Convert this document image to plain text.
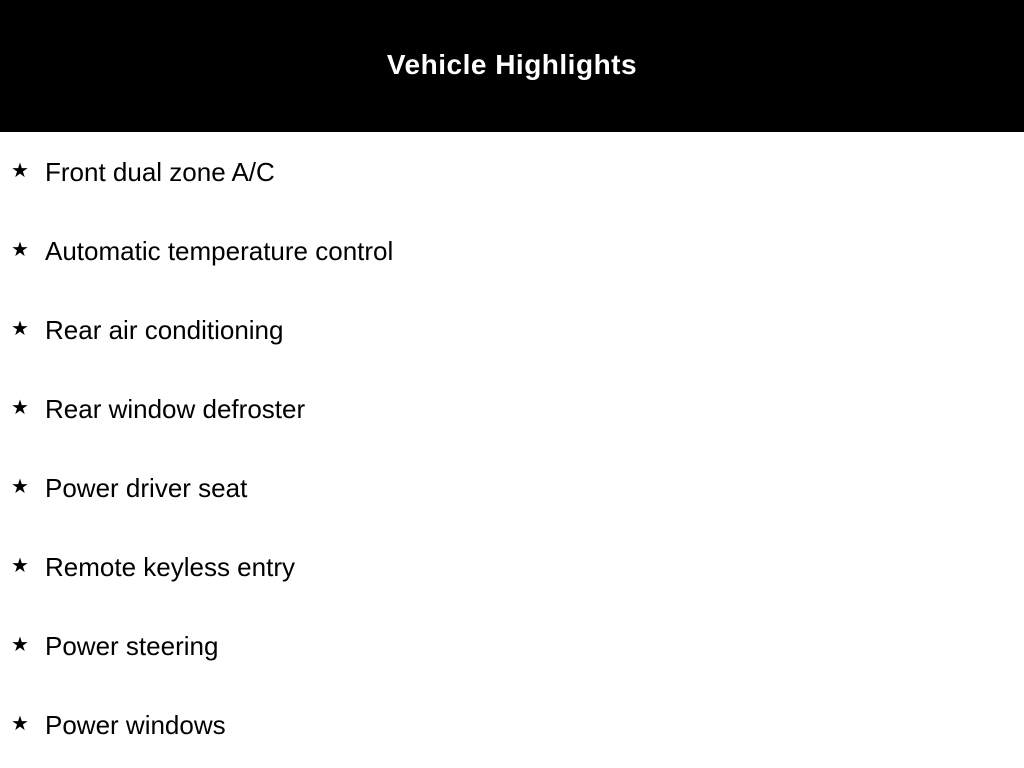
Vehicle Highlights
★ Front dual zone A/C
★ Automatic temperature control
★ Rear air conditioning
★ Rear window defroster
★ Power driver seat
★ Remote keyless entry
★ Power steering
★ Power windows
